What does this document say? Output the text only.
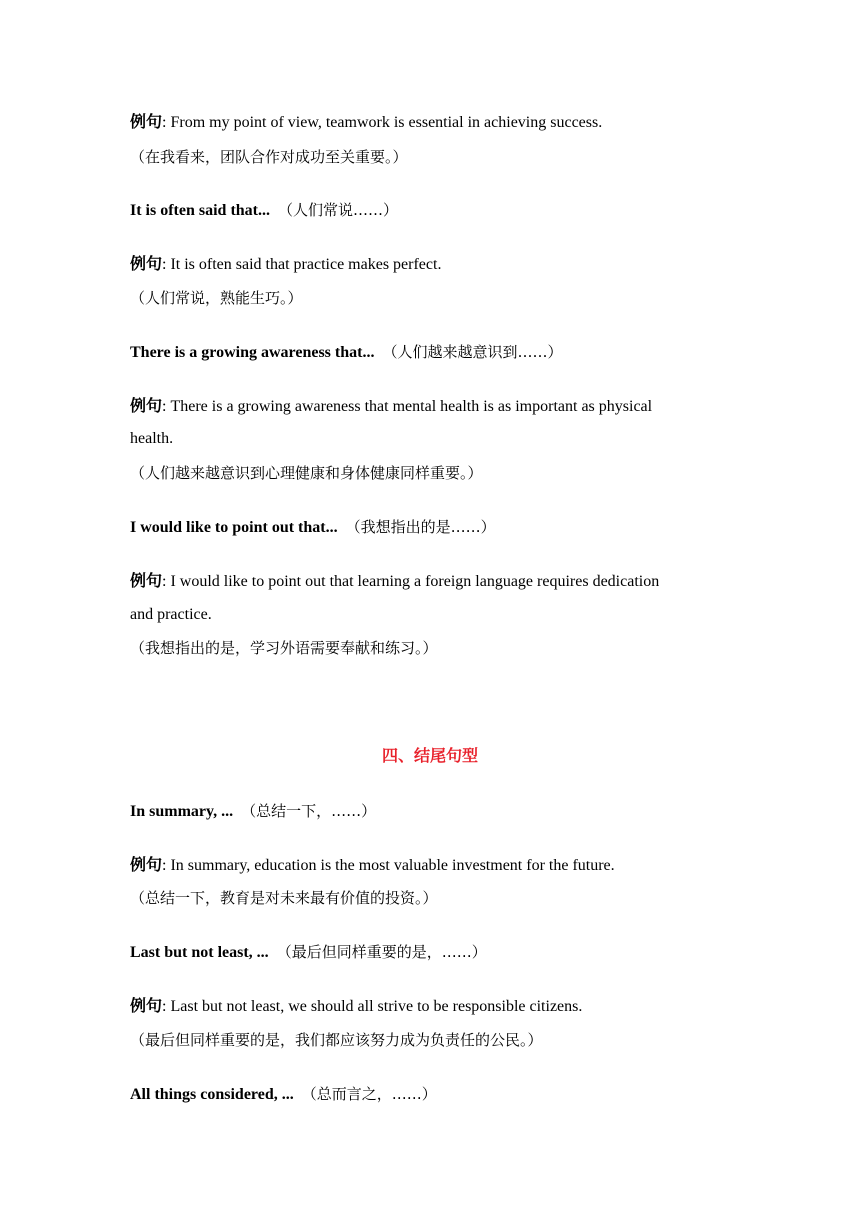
例句: From my point of view, teamwork is essential in achieving success.
（在我看来，团队合作对成功至关重要。）
It is often said that... （人们常说……）
例句: It is often said that practice makes perfect.
（人们常说，熟能生巧。）
There is a growing awareness that... （人们越来越意识到……）
例句: There is a growing awareness that mental health is as important as physical
health.
（人们越来越意识到心理健康和身体健康同样重要。）
I would like to point out that... （我想指出的是……）
例句: I would like to point out that learning a foreign language requires dedication
and practice.
（我想指出的是，学习外语需要奉献和练习。）
四、结尾句型
In summary, ... （总结一下，……）
例句: In summary, education is the most valuable investment for the future.
（总结一下，教育是对未来最有价值的投资。）
Last but not least, ... （最后但同样重要的是，……）
例句: Last but not least, we should all strive to be responsible citizens.
（最后但同样重要的是，我们都应该努力成为负责任的公民。）
All things considered, ... （总而言之，……）
